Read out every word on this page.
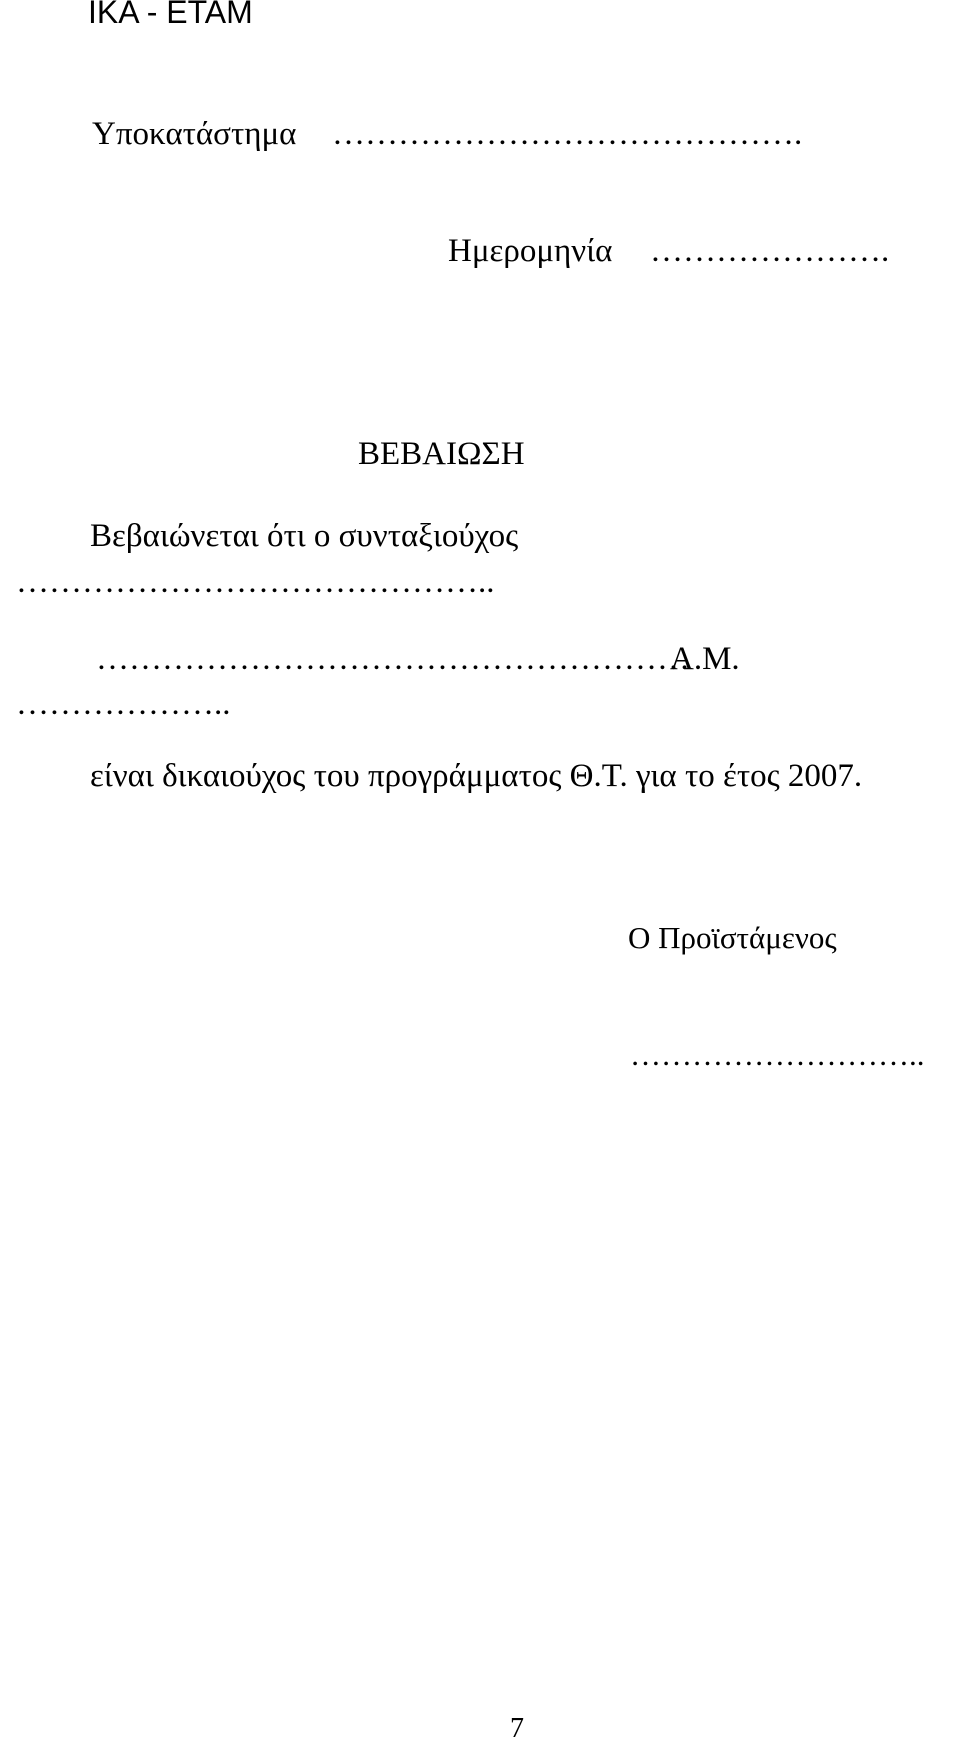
ΙΚΑ - ΕΤΑΜ
Υποκατάστημα …………………………………….
Ημερομηνία ………………….
ΒΕΒΑΙΩΣΗ
Βεβαιώνεται ότι ο συνταξιούχος
……………………………………..
………………………………………………
Α.Μ.
………………..
είναι δικαιούχος του προγράμματος Θ.Τ. για το έτος 2007.
Ο Προϊστάμενος
………………………..
7
